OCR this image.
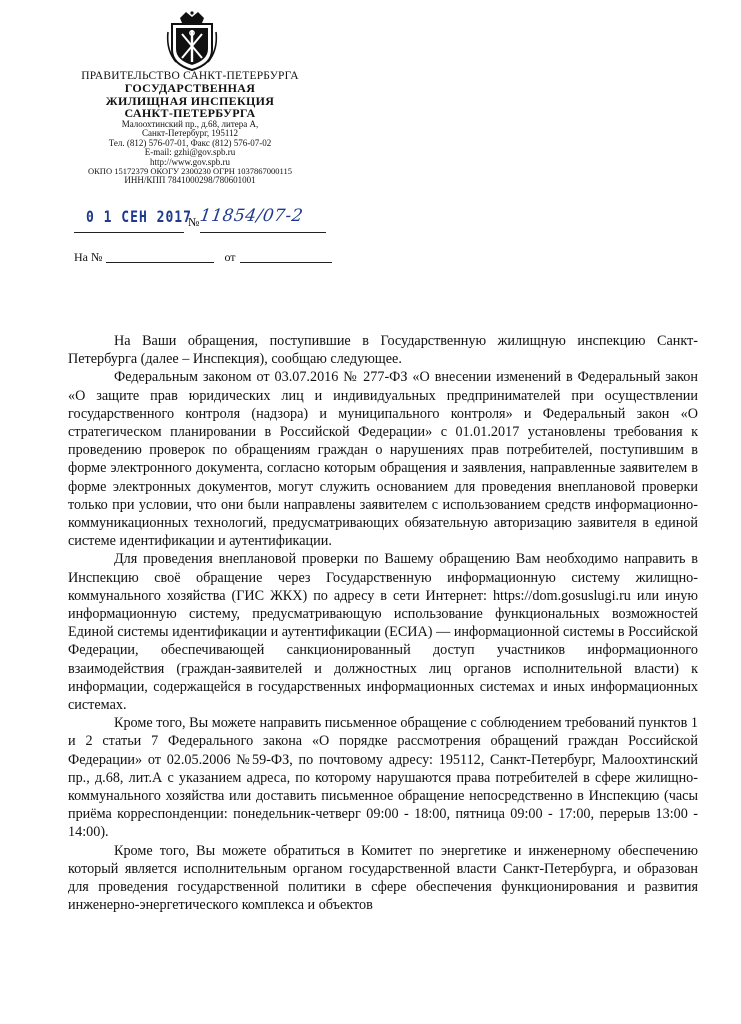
ПРАВИТЕЛЬСТВО САНКТ-ПЕТЕРБУРГА
ГОСУДАРСТВЕННАЯ
ЖИЛИЩНАЯ ИНСПЕКЦИЯ
САНКТ-ПЕТЕРБУРГА
Малоохтинский пр., д.68, литера А,
Санкт-Петербург, 195112
Тел. (812) 576-07-01, Факс (812) 576-07-02
E-mail: gzhi@gov.spb.ru
http://www.gov.spb.ru
ОКПО 15172379 ОКОГУ 2300230 ОГРН 1037867000115
ИНН/КПП 7841000298/780601001
0 1 СЕН 2017
№ 11854/07-2
На №	от

На Ваши обращения, поступившие в Государственную жилищную инспекцию Санкт-Петербурга (далее – Инспекция), сообщаю следующее.

Федеральным законом от 03.07.2016 № 277-ФЗ «О внесении изменений в Федеральный закон «О защите прав юридических лиц и индивидуальных предпринимателей при осуществлении государственного контроля (надзора) и муниципального контроля» и Федеральный закон «О стратегическом планировании в Российской Федерации» с 01.01.2017 установлены требования к проведению проверок по обращениям граждан о нарушениях прав потребителей, поступившим в форме электронного документа, согласно которым обращения и заявления, направленные заявителем в форме электронных документов, могут служить основанием для проведения внеплановой проверки только при условии, что они были направлены заявителем с использованием средств информационно-коммуникационных технологий, предусматривающих обязательную авторизацию заявителя в единой системе идентификации и аутентификации.

Для проведения внеплановой проверки по Вашему обращению Вам необходимо направить в Инспекцию своё обращение через Государственную информационную систему жилищно-коммунального хозяйства (ГИС ЖКХ) по адресу в сети Интернет: https://dom.gosuslugi.ru или иную информационную систему, предусматривающую использование функциональных возможностей Единой системы идентификации и аутентификации (ЕСИА) — информационной системы в Российской Федерации, обеспечивающей санкционированный доступ участников информационного взаимодействия (граждан-заявителей и должностных лиц органов исполнительной власти) к информации, содержащейся в государственных информационных системах и иных информационных системах.

Кроме того, Вы можете направить письменное обращение с соблюдением требований пунктов 1 и 2 статьи 7 Федерального закона «О порядке рассмотрения обращений граждан Российской Федерации» от 02.05.2006 №59-ФЗ, по почтовому адресу: 195112, Санкт-Петербург, Малоохтинский пр., д.68, лит.А с указанием адреса, по которому нарушаются права потребителей в сфере жилищно-коммунального хозяйства или доставить письменное обращение непосредственно в Инспекцию (часы приёма корреспонденции: понедельник-четверг 09:00 - 18:00, пятница 09:00 - 17:00, перерыв 13:00 - 14:00).

Кроме того, Вы можете обратиться в Комитет по энергетике и инженерному обеспечению который является исполнительным органом государственной власти Санкт-Петербурга, и образован для проведения государственной политики в сфере обеспечения функционирования и развития инженерно-энергетического комплекса и объектов
